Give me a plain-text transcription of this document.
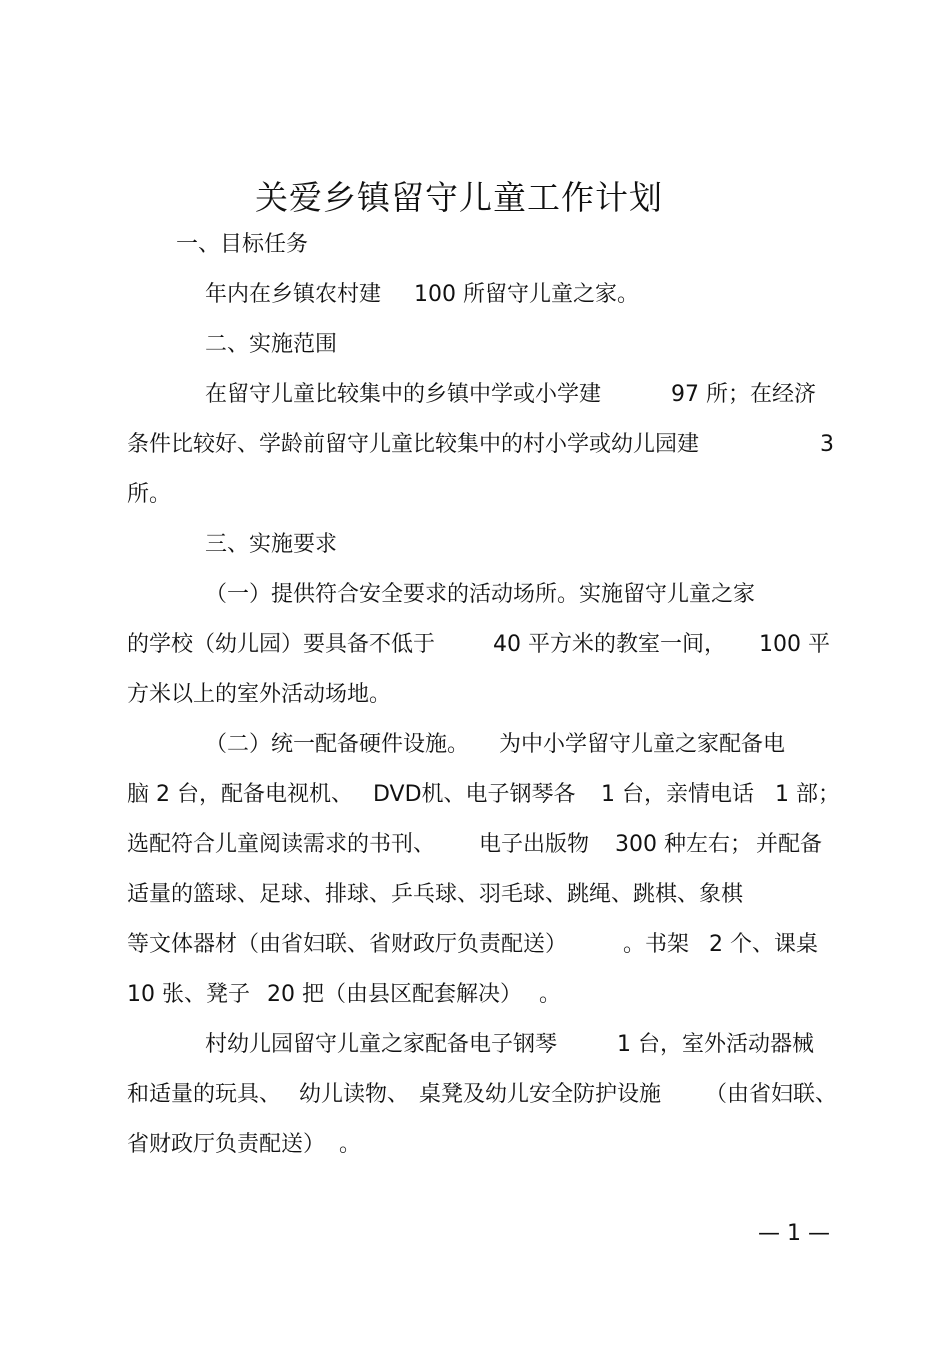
关爱乡镇留守儿童工作计划
一、目标任务
年内在乡镇农村建 100 所留守儿童之家。
二、实施范围
在留守儿童比较集中的乡镇中学或小学建	97 所；在经济
条件比较好、学龄前留守儿童比较集中的村小学或幼儿园建	3
所。
三、实施要求
（一）提供符合安全要求的活动场所。实施留守儿童之家
的学校（幼儿园）要具备不低于	40 平方米的教室一间， 100 平
方米以上的室外活动场地。
（二）统一配备硬件设施。 为中小学留守儿童之家配备电
脑 2 台，配备电视机、 DVD机、电子钢琴各 1 台，亲情电话 1 部；
选配符合儿童阅读需求的书刊、 电子出版物 300 种左右； 并配备
适量的篮球、足球、排球、乒乓球、羽毛球、跳绳、跳棋、象棋
等文体器材（由省妇联、省财政厅负责配送）	。书架 2 个、课桌
10 张、凳子 20 把（由县区配套解决） 。
村幼儿园留守儿童之家配备电子钢琴	1 台，室外活动器械
和适量的玩具、 幼儿读物、 桌凳及幼儿安全防护设施 （由省妇联、
省财政厅负责配送） 。
— 1 —
